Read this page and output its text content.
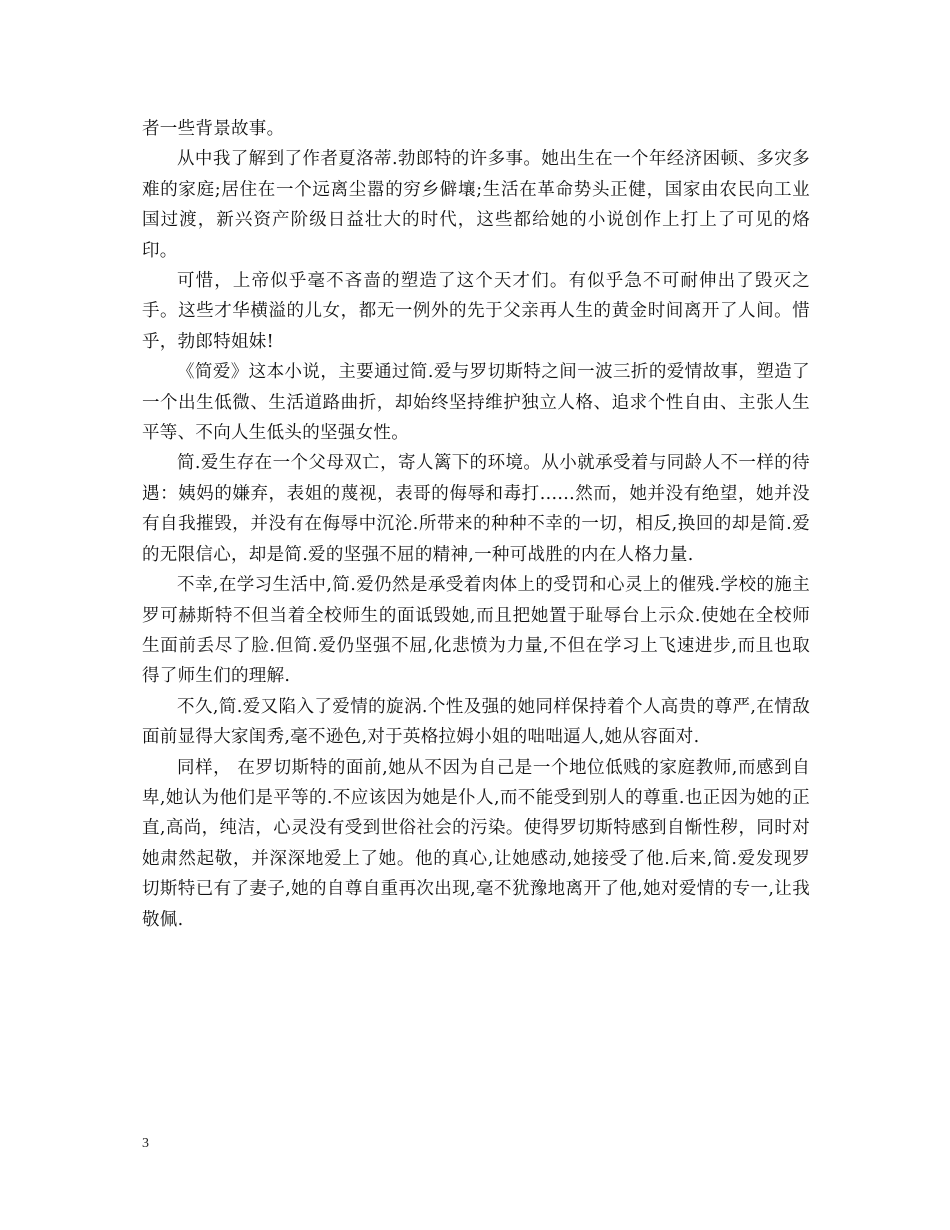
者一些背景故事。

从中我了解到了作者夏洛蒂.勃郎特的许多事。她出生在一个年经济困顿、多灾多难的家庭;居住在一个远离尘嚣的穷乡僻壤;生活在革命势头正健，国家由农民向工业国过渡，新兴资产阶级日益壮大的时代，这些都给她的小说创作上打上了可见的烙印。

可惜，上帝似乎毫不吝啬的塑造了这个天才们。有似乎急不可耐伸出了毁灭之手。这些才华横溢的儿女，都无一例外的先于父亲再人生的黄金时间离开了人间。惜乎，勃郎特姐妹!

《简爱》这本小说，主要通过简.爱与罗切斯特之间一波三折的爱情故事，塑造了一个出生低微、生活道路曲折，却始终坚持维护独立人格、追求个性自由、主张人生平等、不向人生低头的坚强女性。

简.爱生存在一个父母双亡，寄人篱下的环境。从小就承受着与同龄人不一样的待遇：姨妈的嫌弃，表姐的蔑视，表哥的侮辱和毒打......然而，她并没有绝望，她并没有自我摧毁，并没有在侮辱中沉沦.所带来的种种不幸的一切，相反,换回的却是简.爱的无限信心，却是简.爱的坚强不屈的精神,一种可战胜的内在人格力量.

不幸,在学习生活中,简.爱仍然是承受着肉体上的受罚和心灵上的催残.学校的施主罗可赫斯特不但当着全校师生的面诋毁她,而且把她置于耻辱台上示众.使她在全校师生面前丢尽了脸.但简.爱仍坚强不屈,化悲愤为力量,不但在学习上飞速进步,而且也取得了师生们的理解.

不久,简.爱又陷入了爱情的旋涡.个性及强的她同样保持着个人高贵的尊严,在情敌面前显得大家闺秀,毫不逊色,对于英格拉姆小姐的咄咄逼人,她从容面对.

同样， 在罗切斯特的面前,她从不因为自己是一个地位低贱的家庭教师,而感到自卑,她认为他们是平等的.不应该因为她是仆人,而不能受到别人的尊重.也正因为她的正直,高尚，纯洁，心灵没有受到世俗社会的污染。使得罗切斯特感到自惭性秽，同时对她肃然起敬，并深深地爱上了她。他的真心,让她感动,她接受了他.后来,简.爱发现罗切斯特已有了妻子,她的自尊自重再次出现,毫不犹豫地离开了他,她对爱情的专一,让我敬佩.

3
